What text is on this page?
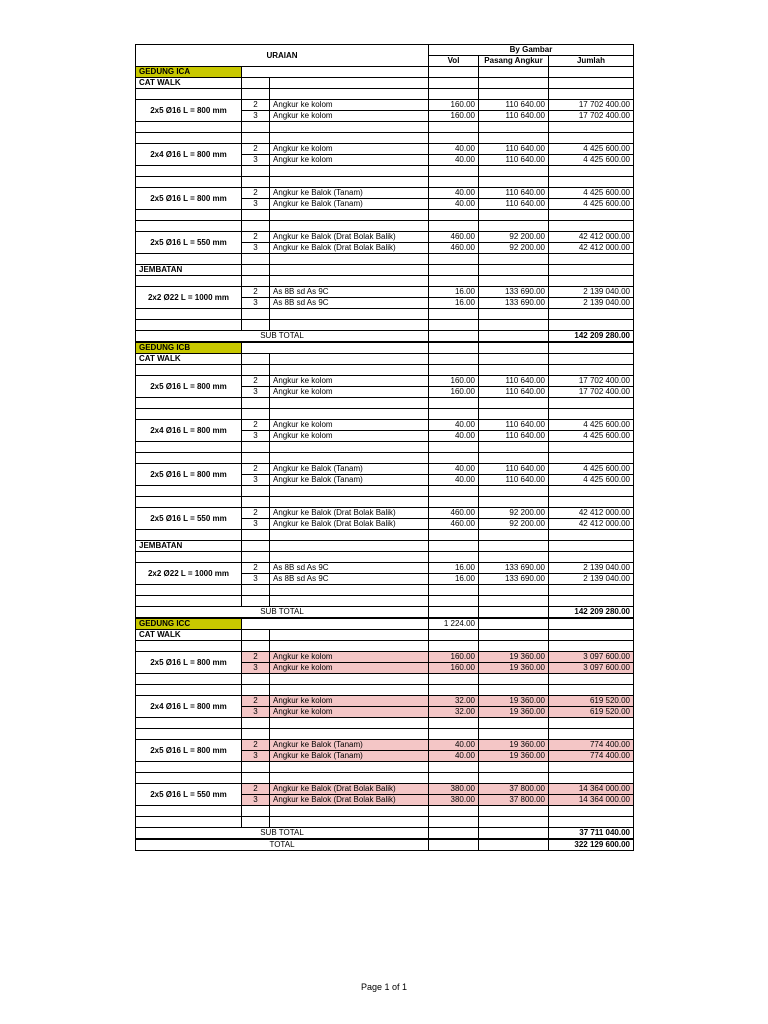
URAIAN			By Gambar		
			Vol	Pasang Angkur	Jumlah
GEDUNG ICA					
CAT WALK					

2x5 Ø16 L = 800 mm	2	Angkur ke kolom	160.00	110 640.00	17 702 400.00
	3	Angkur ke kolom	160.00	110 640.00	17 702 400.00

2x4 Ø16 L = 800 mm	2	Angkur ke kolom	40.00	110 640.00	4 425 600.00
	3	Angkur ke kolom	40.00	110 640.00	4 425 600.00

2x5 Ø16 L = 800 mm	2	Angkur ke Balok (Tanam)	40.00	110 640.00	4 425 600.00
	3	Angkur ke Balok (Tanam)	40.00	110 640.00	4 425 600.00

2x5 Ø16 L = 550 mm	2	Angkur ke Balok (Drat Bolak Balik)	460.00	92 200.00	42 412 000.00
	3	Angkur ke Balok (Drat Bolak Balik)	460.00	92 200.00	42 412 000.00

JEMBATAN					

2x2 Ø22 L = 1000 mm	2	As 8B sd As 9C	16.00	133 690.00	2 139 040.00
	3	As 8B sd As 9C	16.00	133 690.00	2 139 040.00

SUB TOTAL					142 209 280.00
GEDUNG ICB					
CAT WALK					

2x5 Ø16 L = 800 mm	2	Angkur ke kolom	160.00	110 640.00	17 702 400.00
	3	Angkur ke kolom	160.00	110 640.00	17 702 400.00

2x4 Ø16 L = 800 mm	2	Angkur ke kolom	40.00	110 640.00	4 425 600.00
	3	Angkur ke kolom	40.00	110 640.00	4 425 600.00

2x5 Ø16 L = 800 mm	2	Angkur ke Balok (Tanam)	40.00	110 640.00	4 425 600.00
	3	Angkur ke Balok (Tanam)	40.00	110 640.00	4 425 600.00

2x5 Ø16 L = 550 mm	2	Angkur ke Balok (Drat Bolak Balik)	460.00	92 200.00	42 412 000.00
	3	Angkur ke Balok (Drat Bolak Balik)	460.00	92 200.00	42 412 000.00

JEMBATAN					

2x2 Ø22 L = 1000 mm	2	As 8B sd As 9C	16.00	133 690.00	2 139 040.00
	3	As 8B sd As 9C	16.00	133 690.00	2 139 040.00

SUB TOTAL					142 209 280.00
GEDUNG ICC			1 224.00		
CAT WALK					

2x5 Ø16 L = 800 mm	2	Angkur ke kolom	160.00	19 360.00	3 097 600.00
	3	Angkur ke kolom	160.00	19 360.00	3 097 600.00

2x4 Ø16 L = 800 mm	2	Angkur ke kolom	32.00	19 360.00	619 520.00
	3	Angkur ke kolom	32.00	19 360.00	619 520.00

2x5 Ø16 L = 800 mm	2	Angkur ke Balok (Tanam)	40.00	19 360.00	774 400.00
	3	Angkur ke Balok (Tanam)	40.00	19 360.00	774 400.00

2x5 Ø16 L = 550 mm	2	Angkur ke Balok (Drat Bolak Balik)	380.00	37 800.00	14 364 000.00
	3	Angkur ke Balok (Drat Bolak Balik)	380.00	37 800.00	14 364 000.00

SUB TOTAL					37 711 040.00
TOTAL					322 129 600.00
Page 1 of 1
